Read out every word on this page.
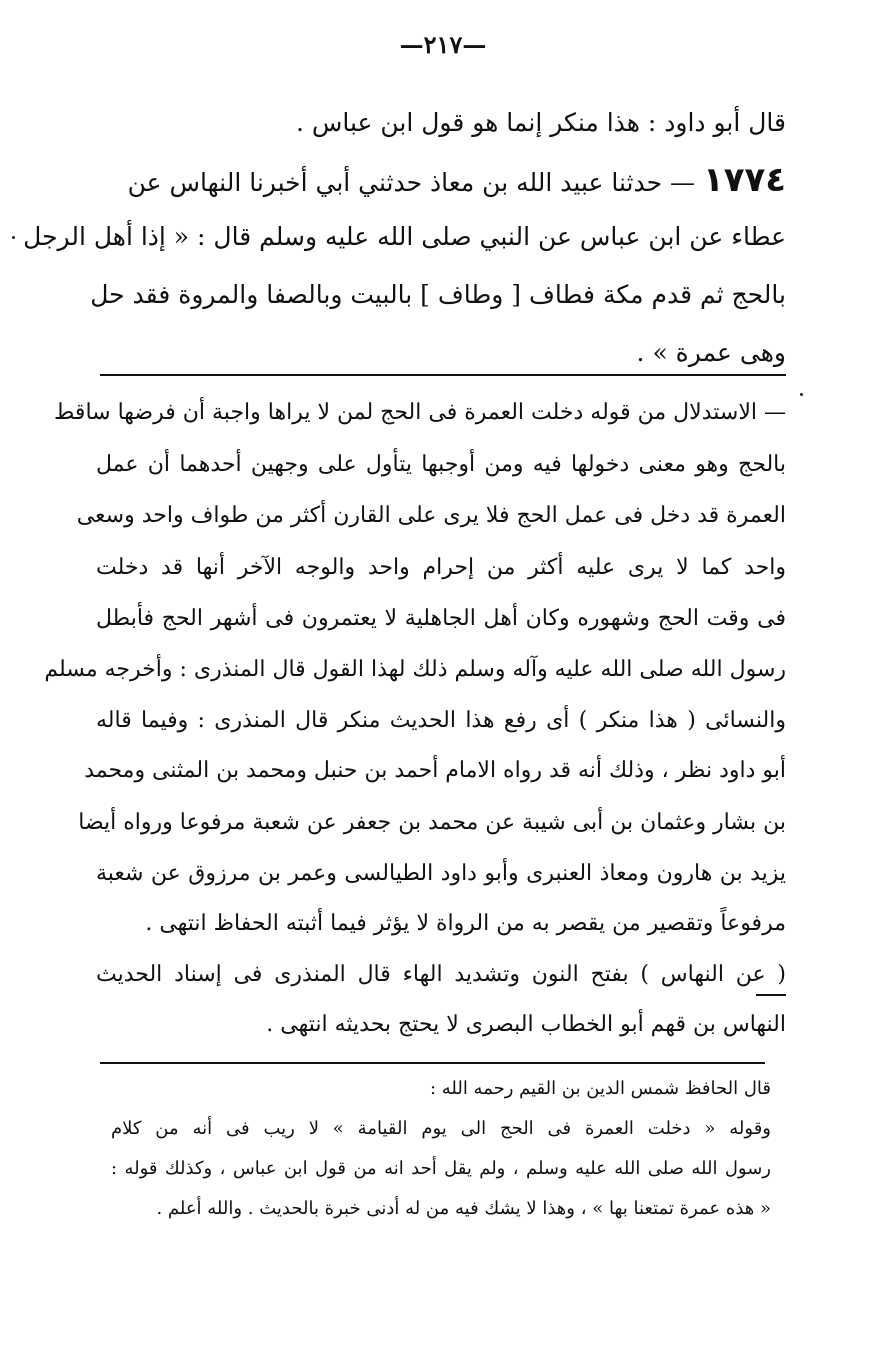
—٢١٧—
قال أبو داود : هذا منكر إنما هو قول ابن عباس .
١٧٧٤ — حدثنا عبيد الله بن معاذ حدثني أبي أخبرنا النهاس عن
عطاء عن ابن عباس عن النبي صلى الله عليه وسلم قال : « إذا أهل الرجل
بالحج ثم قدم مكة فطاف [ وطاف ] بالبيت وبالصفا والمروة فقد حل
وهى عمرة » .
— الاستدلال من قوله دخلت العمرة فى الحج لمن لا يراها واجبة أن فرضها ساقط
بالحج وهو معنى دخولها فيه ومن أوجبها يتأول على وجهين أحدهما أن عمل
العمرة قد دخل فى عمل الحج فلا يرى على القارن أكثر من طواف واحد وسعى
واحد كما لا يرى عليه أكثر من إحرام واحد والوجه الآخر أنها قد دخلت
فى وقت الحج وشهوره وكان أهل الجاهلية لا يعتمرون فى أشهر الحج فأبطل
رسول الله صلى الله عليه وآله وسلم ذلك لهذا القول قال المنذرى : وأخرجه مسلم
والنسائى ( هذا منكر ) أى رفع هذا الحديث منكر قال المنذرى : وفيما قاله
أبو داود نظر ، وذلك أنه قد رواه الامام أحمد بن حنبل ومحمد بن المثنى ومحمد
بن بشار وعثمان بن أبى شيبة عن محمد بن جعفر عن شعبة مرفوعا ورواه أيضا
يزيد بن هارون ومعاذ العنبرى وأبو داود الطيالسى وعمر بن مرزوق عن شعبة
مرفوعاً وتقصير من يقصر به من الرواة لا يؤثر فيما أثبته الحفاظ انتهى .
( عن النهاس ) بفتح النون وتشديد الهاء قال المنذرى فى إسناد الحديث
النهاس بن قهم أبو الخطاب البصرى لا يحتج بحديثه انتهى .
قال الحافظ شمس الدين بن القيم رحمه الله :
وقوله « دخلت العمرة فى الحج الى يوم القيامة » لا ريب فى أنه من كلام
رسول الله صلى الله عليه وسلم ، ولم يقل أحد انه من قول ابن عباس ، وكذلك قوله :
« هذه عمرة تمتعنا بها » ، وهذا لا يشك فيه من له أدنى خبرة بالحديث . والله أعلم .
